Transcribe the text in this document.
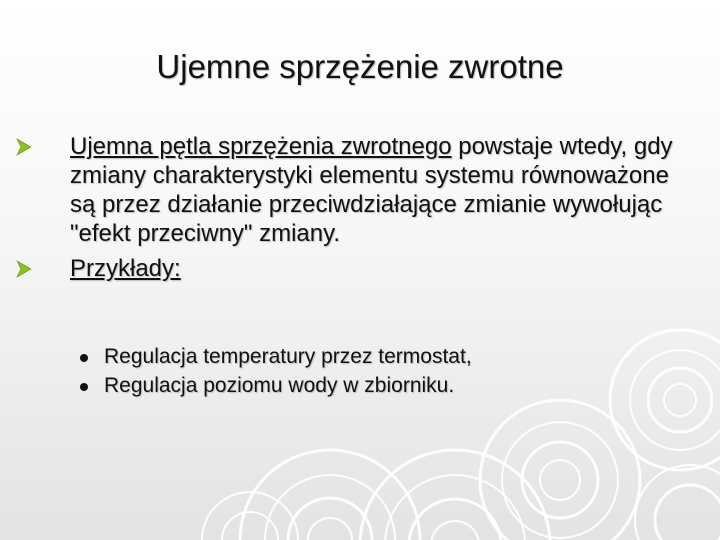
Ujemne sprzężenie zwrotne
Ujemna pętla sprzężenia zwrotnego powstaje wtedy, gdy zmiany charakterystyki elementu systemu równoważone są przez działanie przeciwdziałające zmianie wywołując "efekt przeciwny" zmiany.
Przykłady:
Regulacja temperatury przez termostat,
Regulacja poziomu wody w zbiorniku.
